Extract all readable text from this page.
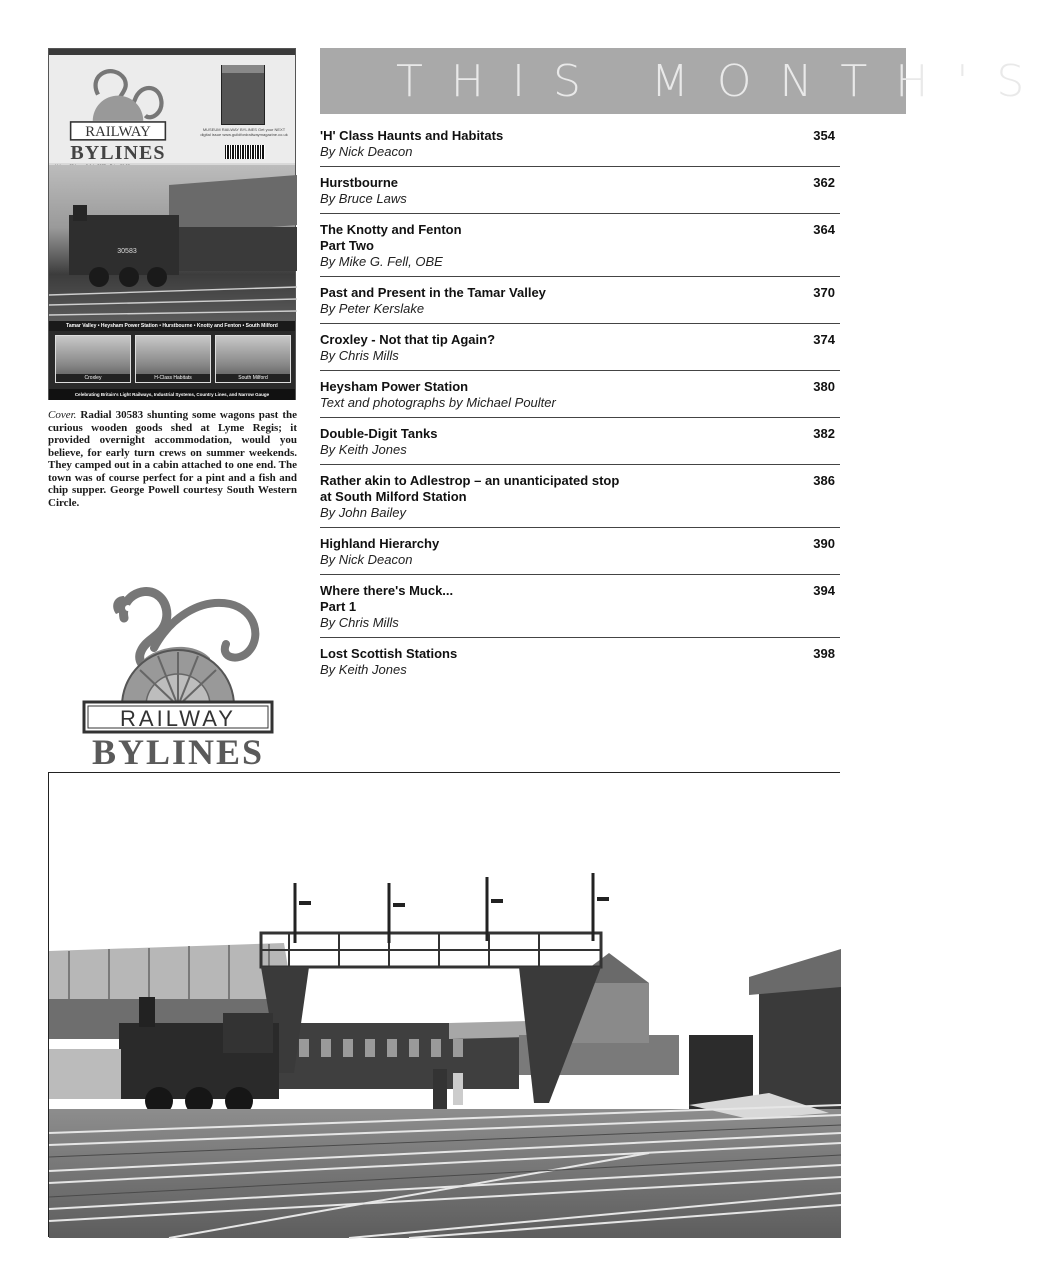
RAILWAY
BYLINES
MUSEUM RAILWAY BYLINES Get your NEXT digital issue www.guildfordrailwaymagazine.co.uk
30583
Tamar Valley • Heysham Power Station • Hurstbourne • Knotty and Fenton • South Milford
Croxley	H-Class Habitats	South Milford
Celebrating Britain's Light Railways, Industrial Systems, Country Lines, and Narrow Gauge
Cover. Radial 30583 shunting some wagons past the curious wooden goods shed at Lyme Regis; it provided overnight accommodation, would you believe, for early turn crews on summer weekends. They camped out in a cabin attached to one end. The town was of course perfect for a pint and a fish and chip supper. George Powell courtesy South Western Circle.
RAILWAY
BYLINES
THIS MONTH'S
'H' Class Haunts and Habitats
By Nick Deacon
354
Hurstbourne
By Bruce Laws
362
The Knotty and Fenton
Part Two
By Mike G. Fell, OBE
364
Past and Present in the Tamar Valley
By Peter Kerslake
370
Croxley - Not that tip Again?
By Chris Mills
374
Heysham Power Station
Text and photographs by Michael Poulter
380
Double-Digit Tanks
By Keith Jones
382
Rather akin to Adlestrop – an unanticipated stop
at South Milford Station
By John Bailey
386
Highland Hierarchy
By Nick Deacon
390
Where there's Muck...
Part 1
By Chris Mills
394
Lost Scottish Stations
By Keith Jones
398
